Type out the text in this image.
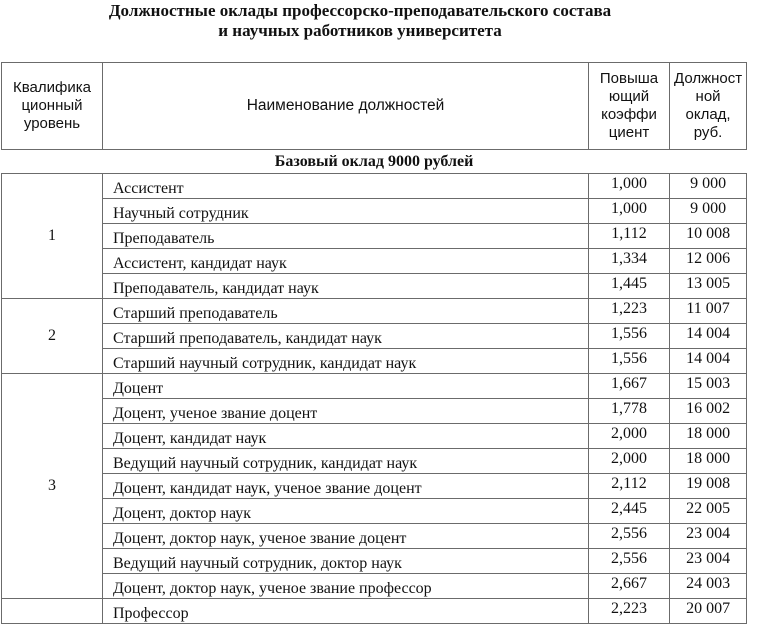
Должностные оклады профессорско-преподавательского состава
и научных работников университета
Квалифика ционный уровень	Наименование должностей	Повыша ющий коэффи циент	Должност ной оклад, руб.

Базовый оклад 9000 рублей			
1	Ассистент	1,000	9 000
	Научный сотрудник	1,000	9 000
	Преподаватель	1,112	10 008
	Ассистент, кандидат наук	1,334	12 006
	Преподаватель, кандидат наук	1,445	13 005
2	Старший преподаватель	1,223	11 007
	Старший преподаватель, кандидат наук	1,556	14 004
	Старший научный сотрудник, кандидат наук	1,556	14 004
3	Доцент	1,667	15 003
	Доцент, ученое звание доцент	1,778	16 002
	Доцент, кандидат наук	2,000	18 000
	Ведущий научный сотрудник, кандидат наук	2,000	18 000
	Доцент, кандидат наук, ученое звание доцент	2,112	19 008
	Доцент, доктор наук	2,445	22 005
	Доцент, доктор наук, ученое звание доцент	2,556	23 004
	Ведущий научный сотрудник, доктор наук	2,556	23 004
	Доцент, доктор наук, ученое звание профессор	2,667	24 003
	Профессор	2,223	20 007
